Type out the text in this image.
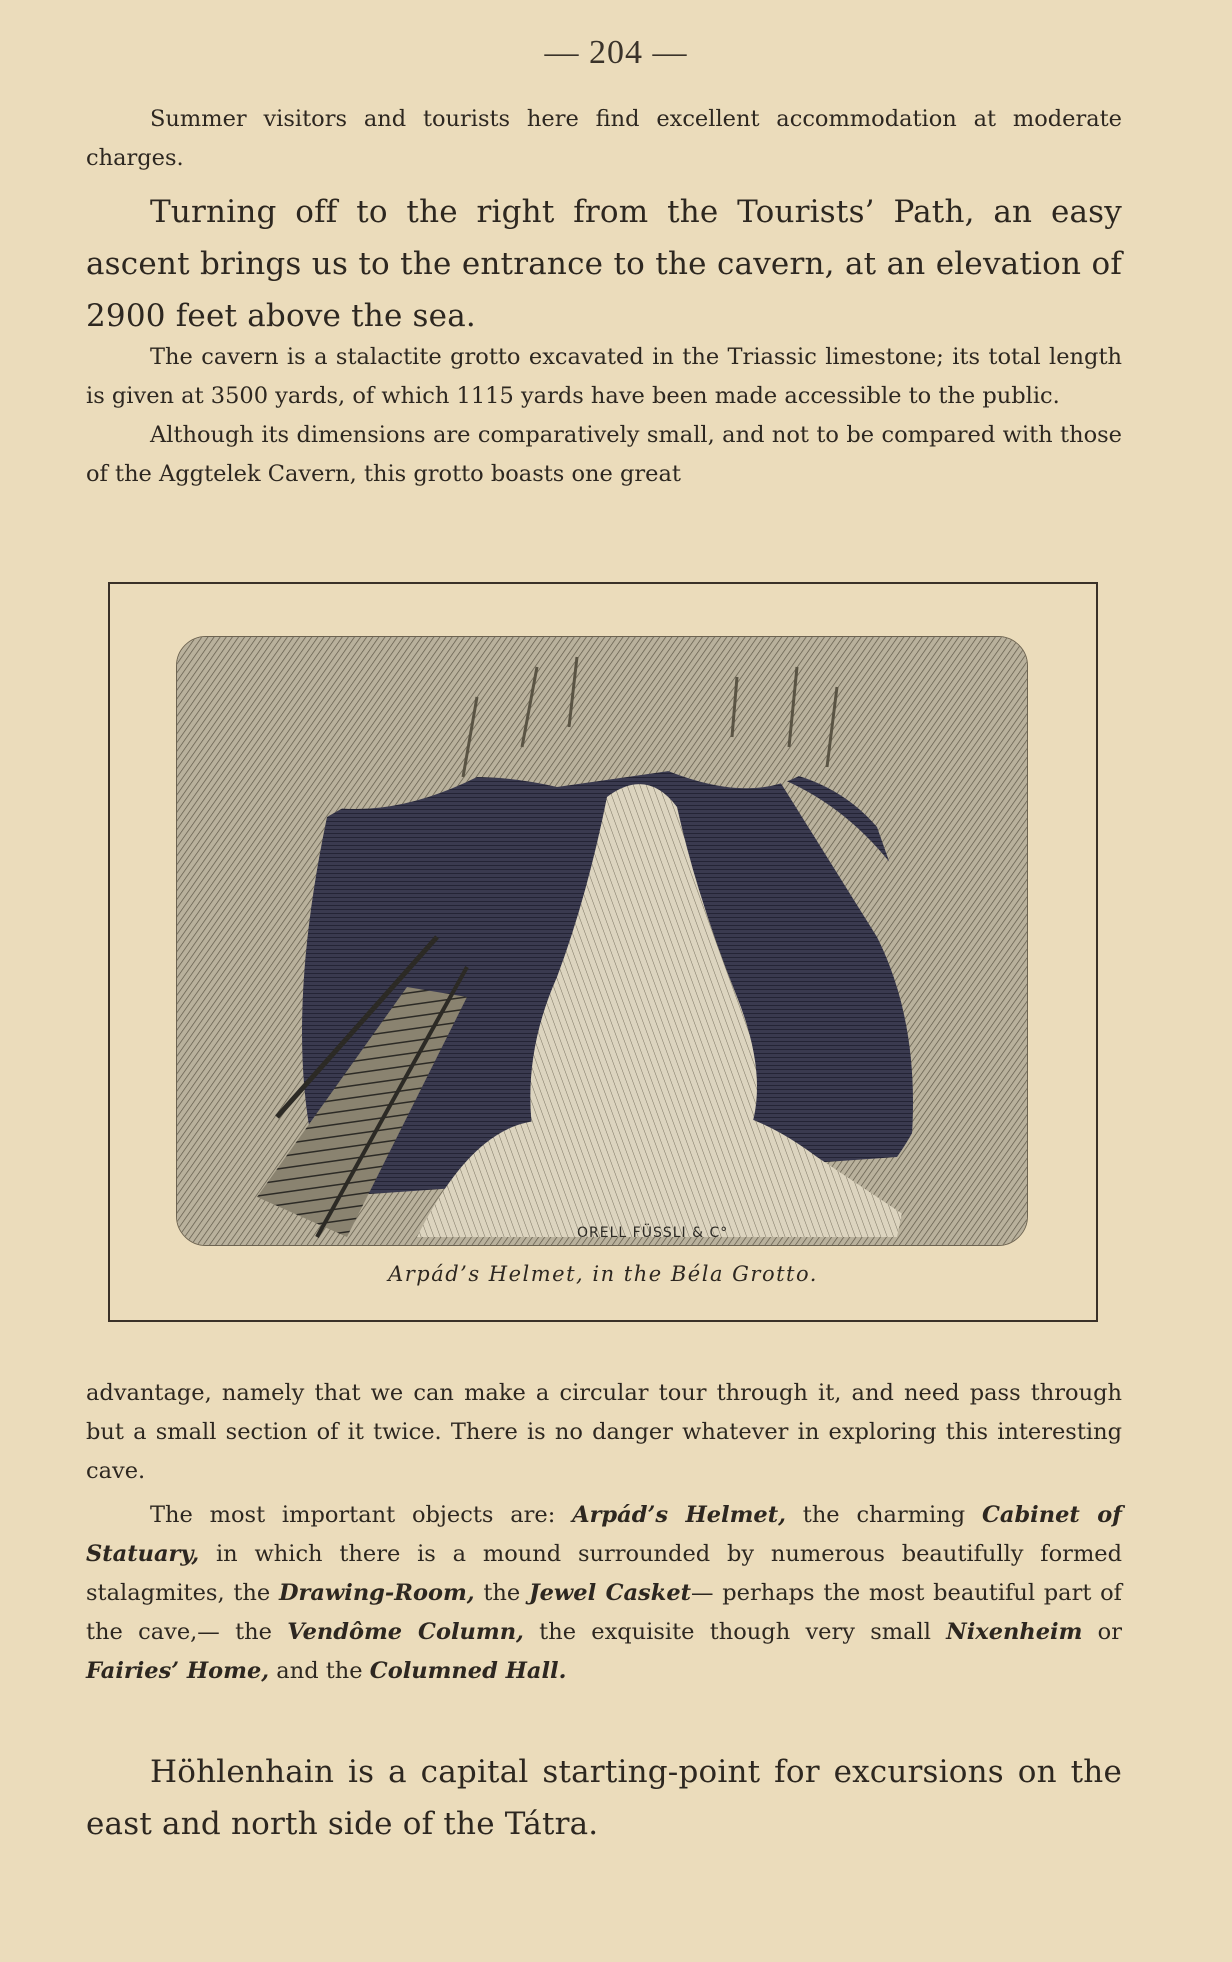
— 204 —

Summer visitors and tourists here find excellent accommodation at moderate charges.

Turning off to the right from the Tourists’ Path, an easy ascent brings us to the entrance to the cavern, at an elevation of 2900 feet above the sea.

The cavern is a stalactite grotto excavated in the Triassic limestone; its total length is given at 3500 yards, of which 1115 yards have been made accessible to the public.

Although its dimensions are comparatively small, and not to be compared with those of the Aggtelek Cavern, this grotto boasts one great

ORELL FÜSSLI & C°
Arpád’s Helmet, in the Béla Grotto.

advantage, namely that we can make a circular tour through it, and need pass through but a small section of it twice. There is no danger whatever in exploring this interesting cave.

The most important objects are: Arpád’s Helmet, the charming Cabinet of Statuary, in which there is a mound surrounded by numerous beautifully formed stalagmites, the Drawing-Room, the Jewel Casket— perhaps the most beautiful part of the cave,— the Vendôme Column, the exquisite though very small Nixenheim or Fairies’ Home, and the Columned Hall.

Höhlenhain is a capital starting-point for excursions on the east and north side of the Tátra.
